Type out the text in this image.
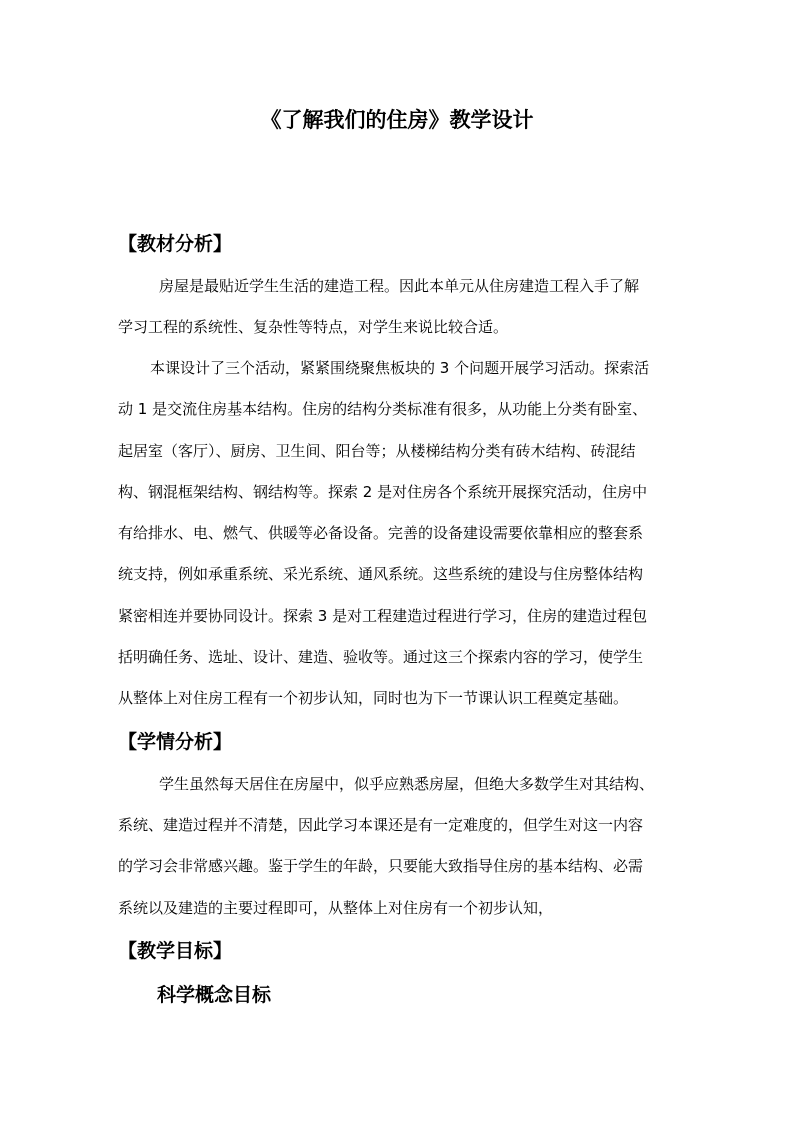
《了解我们的住房》教学设计
【教材分析】
房屋是最贴近学生生活的建造工程。因此本单元从住房建造工程入手了解
学习工程的系统性、复杂性等特点，对学生来说比较合适。
本课设计了三个活动，紧紧围绕聚焦板块的 3 个问题开展学习活动。探索活
动 1 是交流住房基本结构。住房的结构分类标准有很多，从功能上分类有卧室、
起居室（客厅）、厨房、卫生间、阳台等；从楼梯结构分类有砖木结构、砖混结
构、钢混框架结构、钢结构等。探索 2 是对住房各个系统开展探究活动，住房中
有给排水、电、燃气、供暖等必备设备。完善的设备建设需要依靠相应的整套系
统支持，例如承重系统、采光系统、通风系统。这些系统的建设与住房整体结构
紧密相连并要协同设计。探索 3 是对工程建造过程进行学习，住房的建造过程包
括明确任务、选址、设计、建造、验收等。通过这三个探索内容的学习，使学生
从整体上对住房工程有一个初步认知，同时也为下一节课认识工程奠定基础。
【学情分析】
学生虽然每天居住在房屋中，似乎应熟悉房屋，但绝大多数学生对其结构、
系统、建造过程并不清楚，因此学习本课还是有一定难度的，但学生对这一内容
的学习会非常感兴趣。鉴于学生的年龄，只要能大致指导住房的基本结构、必需
系统以及建造的主要过程即可，从整体上对住房有一个初步认知，
【教学目标】
科学概念目标
